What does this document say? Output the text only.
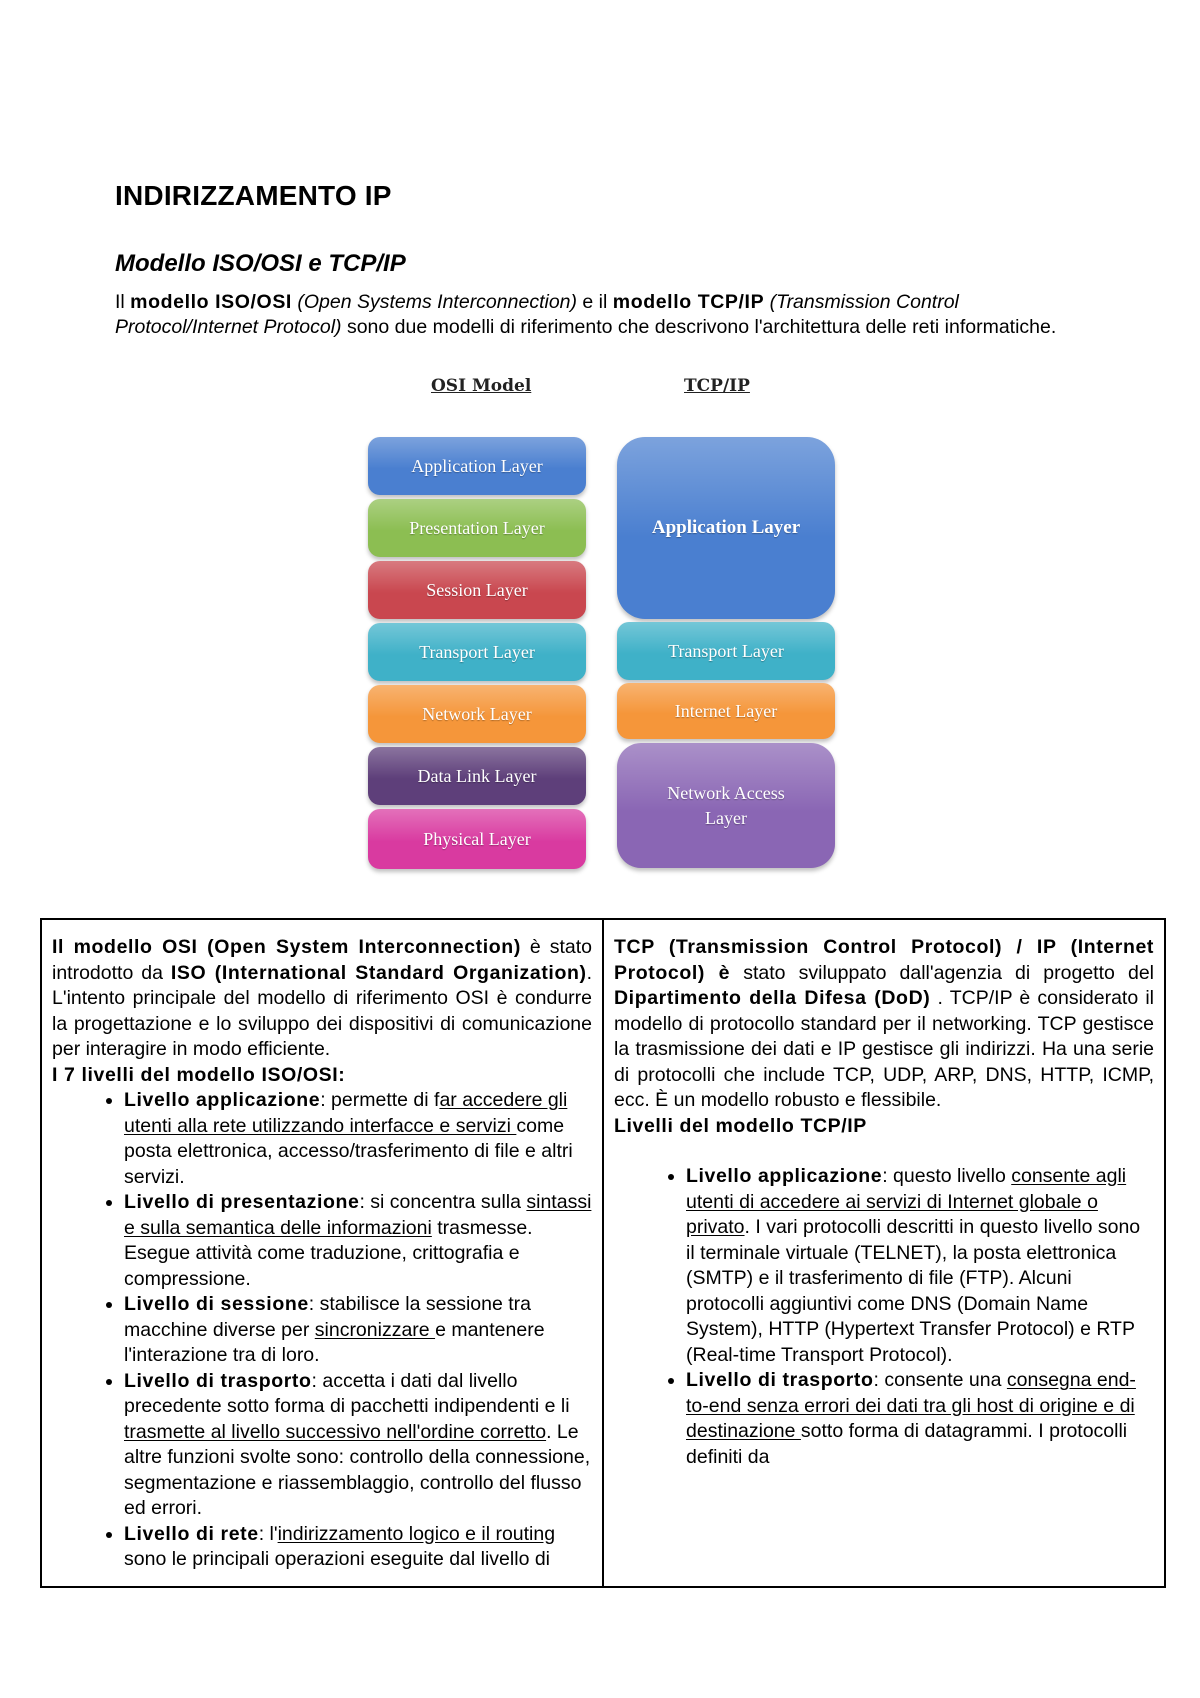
INDIRIZZAMENTO IP
Modello ISO/OSI e TCP/IP

Il modello ISO/OSI (Open Systems Interconnection) e il modello TCP/IP (Transmission Control Protocol/Internet Protocol) sono due modelli di riferimento che descrivono l'architettura delle reti informatiche.

OSI Model	TCP/IP
Application Layer
Presentation Layer
Session Layer
Transport Layer
Network Layer
Data Link Layer
Physical Layer
Application Layer
Transport Layer
Internet Layer
Network Access Layer

Il modello OSI (Open System Interconnection) è stato introdotto da ISO (International Standard Organization). L'intento principale del modello di riferimento OSI è condurre la progettazione e lo sviluppo dei dispositivi di comunicazione per interagire in modo efficiente.

I 7 livelli del modello ISO/OSI:

• Livello applicazione: permette di far accedere gli utenti alla rete utilizzando interfacce e servizi come posta elettronica, accesso/trasferimento di file e altri servizi.
• Livello di presentazione: si concentra sulla sintassi e sulla semantica delle informazioni trasmesse. Esegue attività come traduzione, crittografia e compressione.
• Livello di sessione: stabilisce la sessione tra macchine diverse per sincronizzare e mantenere l'interazione tra di loro.
• Livello di trasporto: accetta i dati dal livello precedente sotto forma di pacchetti indipendenti e li trasmette al livello successivo nell'ordine corretto. Le altre funzioni svolte sono: controllo della connessione, segmentazione e riassemblaggio, controllo del flusso ed errori.
• Livello di rete: l'indirizzamento logico e il routing sono le principali operazioni eseguite dal livello di

TCP (Transmission Control Protocol) / IP (Internet Protocol) è stato sviluppato dall'agenzia di progetto del Dipartimento della Difesa (DoD) . TCP/IP è considerato il modello di protocollo standard per il networking. TCP gestisce la trasmissione dei dati e IP gestisce gli indirizzi. Ha una serie di protocolli che include TCP, UDP, ARP, DNS, HTTP, ICMP, ecc. È un modello robusto e flessibile.

Livelli del modello TCP/IP

• Livello applicazione: questo livello consente agli utenti di accedere ai servizi di Internet globale o privato. I vari protocolli descritti in questo livello sono il terminale virtuale (TELNET), la posta elettronica (SMTP) e il trasferimento di file (FTP). Alcuni protocolli aggiuntivi come DNS (Domain Name System), HTTP (Hypertext Transfer Protocol) e RTP (Real-time Transport Protocol).
• Livello di trasporto: consente una consegna end-to-end senza errori dei dati tra gli host di origine e di destinazione sotto forma di datagrammi. I protocolli definiti da
